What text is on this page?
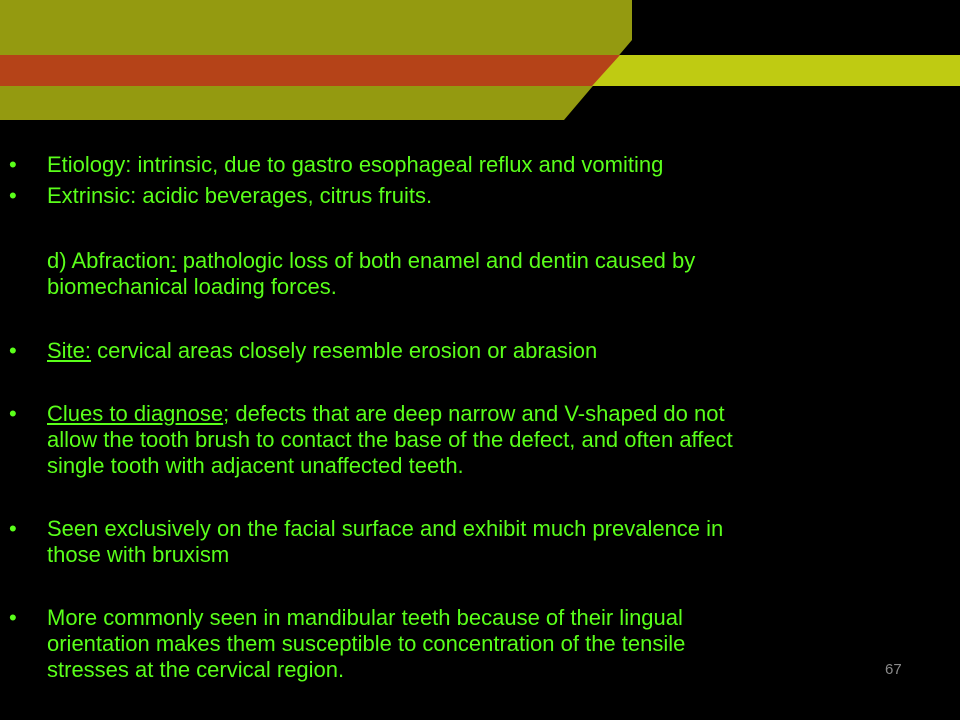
•	Etiology: intrinsic, due to gastro esophageal reflux and vomiting
•	Extrinsic: acidic beverages, citrus fruits.
d) Abfraction: pathologic loss of both enamel and dentin caused by
biomechanical loading forces.
•	Site: cervical areas closely resemble erosion or abrasion
•	Clues to diagnose; defects that are deep narrow and V-shaped do not
allow the tooth brush to contact the base of the defect, and often affect
single tooth with adjacent unaffected teeth.
•	Seen exclusively on the facial surface and exhibit much prevalence in
those with bruxism
•	More commonly seen in mandibular teeth because of their lingual
orientation makes them susceptible to concentration of the tensile
stresses at the cervical region.	67
